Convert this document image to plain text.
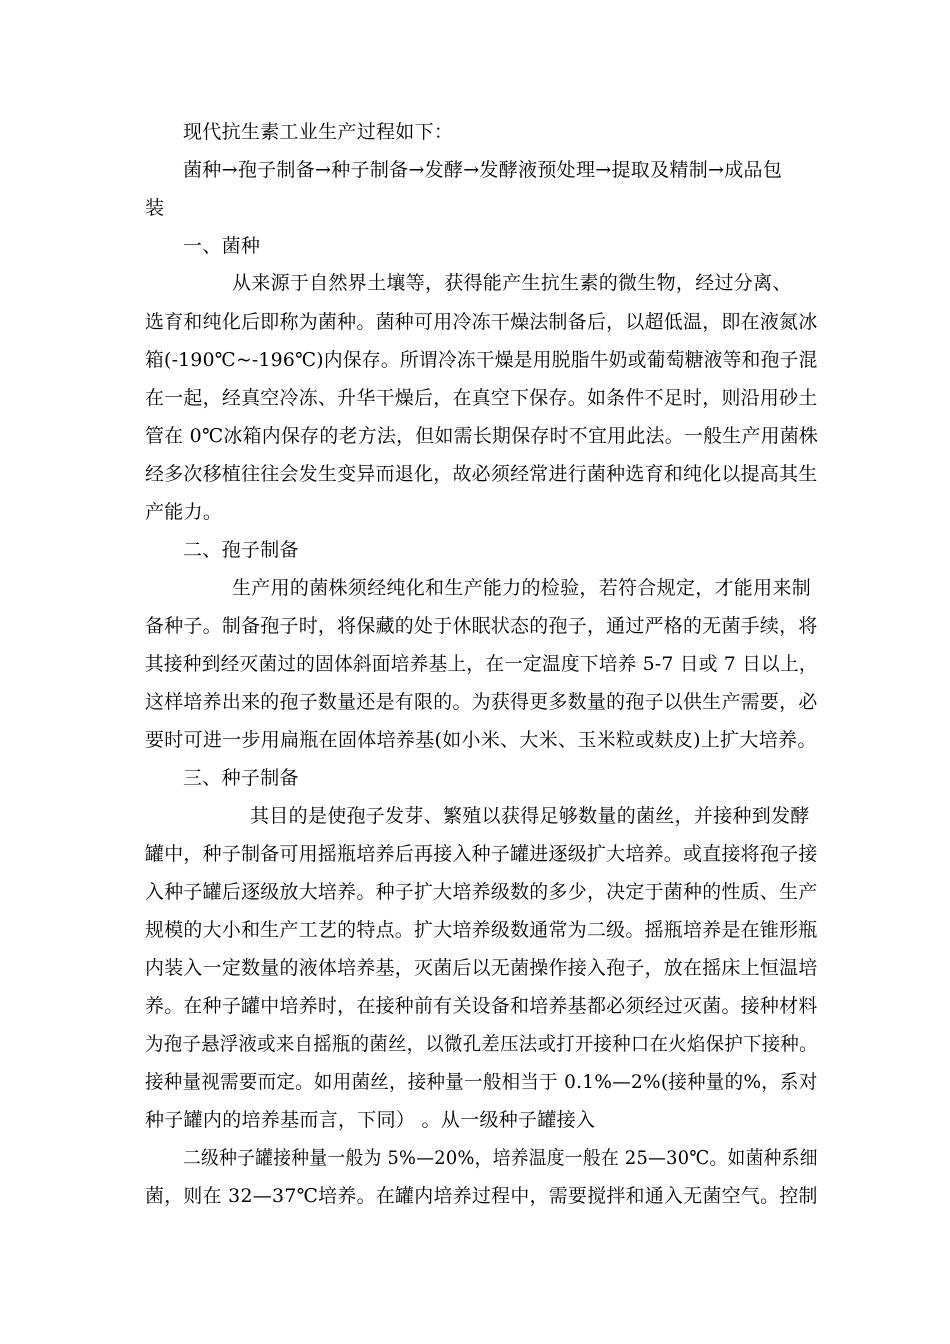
现代抗生素工业生产过程如下：
菌种→孢子制备→种子制备→发酵→发酵液预处理→提取及精制→成品包
装
一、菌种
从来源于自然界土壤等，获得能产生抗生素的微生物，经过分离、
选育和纯化后即称为菌种。菌种可用冷冻干燥法制备后，以超低温，即在液氮冰
箱(-190℃~-196℃)内保存。所谓冷冻干燥是用脱脂牛奶或葡萄糖液等和孢子混
在一起，经真空冷冻、升华干燥后，在真空下保存。如条件不足时，则沿用砂土
管在 0℃冰箱内保存的老方法，但如需长期保存时不宜用此法。一般生产用菌株
经多次移植往往会发生变异而退化，故必须经常进行菌种选育和纯化以提高其生
产能力。
二、孢子制备
生产用的菌株须经纯化和生产能力的检验，若符合规定，才能用来制
备种子。制备孢子时，将保藏的处于休眠状态的孢子，通过严格的无菌手续，将
其接种到经灭菌过的固体斜面培养基上，在一定温度下培养 5-7 日或 7 日以上，
这样培养出来的孢子数量还是有限的。为获得更多数量的孢子以供生产需要，必
要时可进一步用扁瓶在固体培养基(如小米、大米、玉米粒或麸皮)上扩大培养。
三、种子制备
其目的是使孢子发芽、繁殖以获得足够数量的菌丝，并接种到发酵
罐中，种子制备可用摇瓶培养后再接入种子罐进逐级扩大培养。或直接将孢子接
入种子罐后逐级放大培养。种子扩大培养级数的多少，决定于菌种的性质、生产
规模的大小和生产工艺的特点。扩大培养级数通常为二级。摇瓶培养是在锥形瓶
内装入一定数量的液体培养基，灭菌后以无菌操作接入孢子，放在摇床上恒温培
养。在种子罐中培养时，在接种前有关设备和培养基都必须经过灭菌。接种材料
为孢子悬浮液或来自摇瓶的菌丝，以微孔差压法或打开接种口在火焰保护下接种。
接种量视需要而定。如用菌丝，接种量一般相当于 0.1%—2%(接种量的%，系对
种子罐内的培养基而言，下同） 。从一级种子罐接入
二级种子罐接种量一般为 5%—20%，培养温度一般在 25—30℃。如菌种系细
菌，则在 32—37℃培养。在罐内培养过程中，需要搅拌和通入无菌空气。控制
